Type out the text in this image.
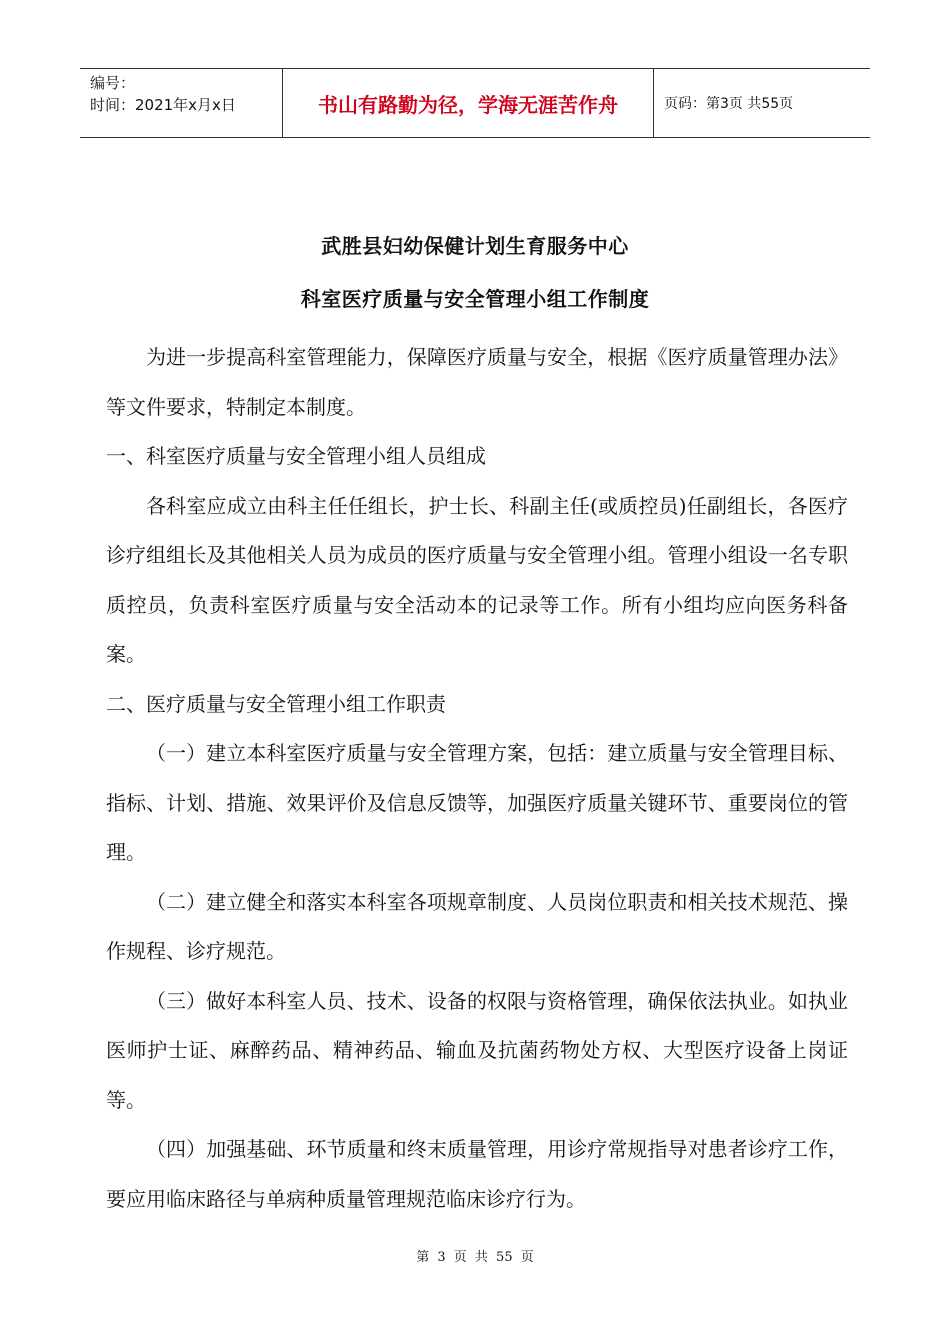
编号：
时间：2021年x月x日	书山有路勤为径，学海无涯苦作舟	页码：第3页 共55页
武胜县妇幼保健计划生育服务中心
科室医疗质量与安全管理小组工作制度

为进一步提高科室管理能力，保障医疗质量与安全，根据《医疗质量管理办法》等文件要求，特制定本制度。

一、科室医疗质量与安全管理小组人员组成

各科室应成立由科主任任组长，护士长、科副主任(或质控员)任副组长，各医疗诊疗组组长及其他相关人员为成员的医疗质量与安全管理小组。管理小组设一名专职质控员，负责科室医疗质量与安全活动本的记录等工作。所有小组均应向医务科备案。

二、医疗质量与安全管理小组工作职责

（一）建立本科室医疗质量与安全管理方案，包括：建立质量与安全管理目标、指标、计划、措施、效果评价及信息反馈等，加强医疗质量关键环节、重要岗位的管理。

（二）建立健全和落实本科室各项规章制度、人员岗位职责和相关技术规范、操作规程、诊疗规范。

（三）做好本科室人员、技术、设备的权限与资格管理，确保依法执业。如执业医师护士证、麻醉药品、精神药品、输血及抗菌药物处方权、大型医疗设备上岗证等。

（四）加强基础、环节质量和终末质量管理，用诊疗常规指导对患者诊疗工作，要应用临床路径与单病种质量管理规范临床诊疗行为。

第 3 页 共 55 页
